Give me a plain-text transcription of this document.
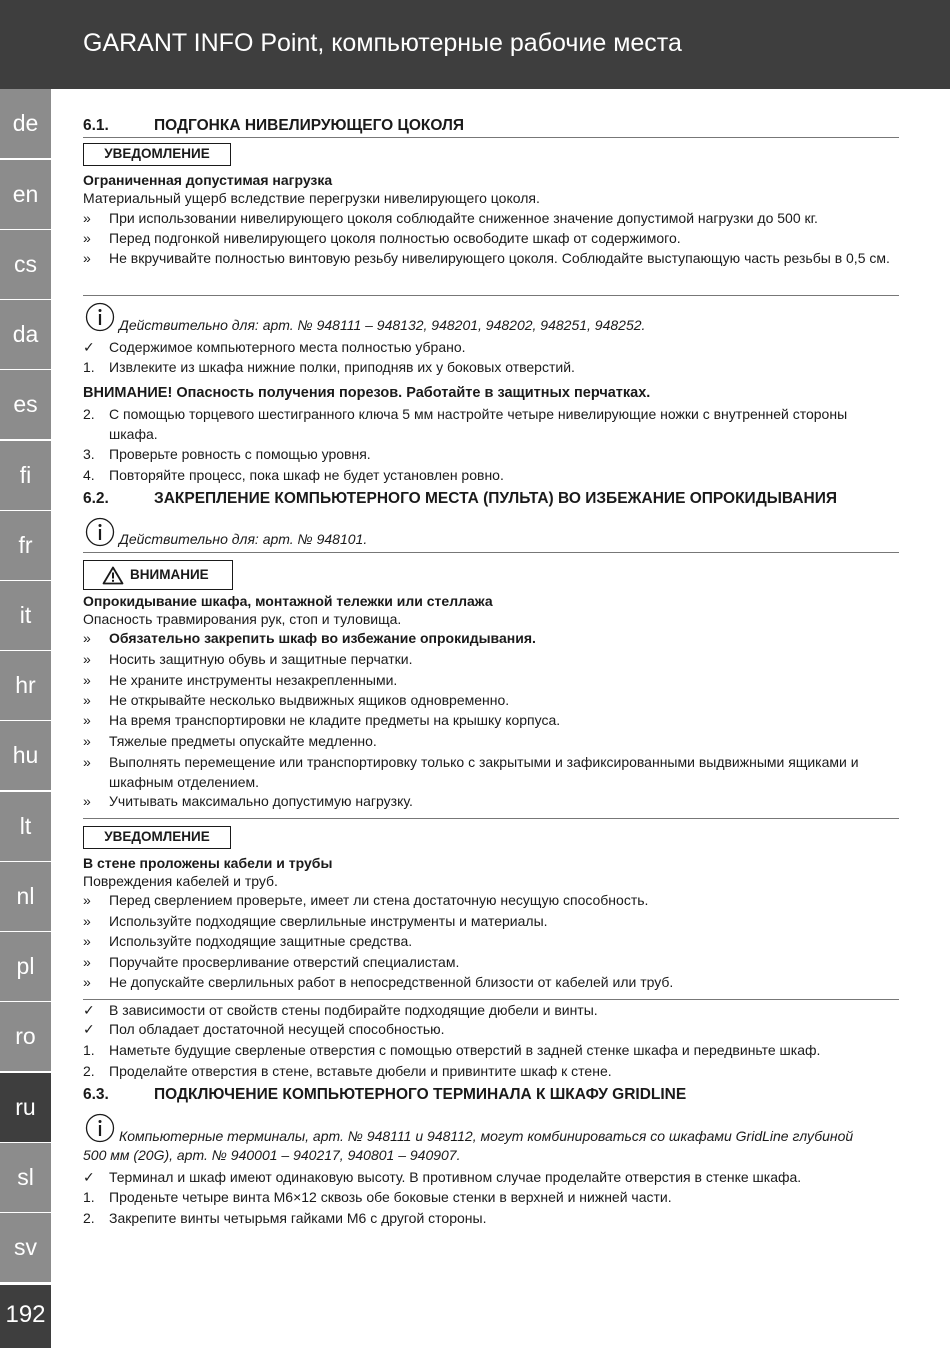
GARANT INFO Point, компьютерные рабочие места
de
en
cs
da
es
fi
fr
it
hr
hu
lt
nl
pl
ro
ru
sl
sv
192
6.1.	ПОДГОНКА НИВЕЛИРУЮЩЕГО ЦОКОЛЯ
УВЕДОМЛЕНИЕ
Ограниченная допустимая нагрузка
Материальный ущерб вследствие перегрузки нивелирующего цоколя.
» При использовании нивелирующего цоколя соблюдайте сниженное значение допустимой нагрузки до 500 кг.
» Перед подгонкой нивелирующего цоколя полностью освободите шкаф от содержимого.
» Не вкручивайте полностью винтовую резьбу нивелирующего цоколя. Соблюдайте выступающую часть резьбы в 0,5 см.
Действительно для: арт. № 948111 – 948132, 948201, 948202, 948251, 948252.
✓ Содержимое компьютерного места полностью убрано.
1. Извлеките из шкафа нижние полки, приподняв их у боковых отверстий.
ВНИМАНИЕ! Опасность получения порезов. Работайте в защитных перчатках.
2. С помощью торцевого шестигранного ключа 5 мм настройте четыре нивелирующие ножки с внутренней стороны шкафа.
3. Проверьте ровность с помощью уровня.
4. Повторяйте процесс, пока шкаф не будет установлен ровно.
6.2.	ЗАКРЕПЛЕНИЕ КОМПЬЮТЕРНОГО МЕСТА (ПУЛЬТА) ВО ИЗБЕЖАНИЕ ОПРОКИДЫВАНИЯ
Действительно для: арт. № 948101.
ВНИМАНИЕ
Опрокидывание шкафа, монтажной тележки или стеллажа
Опасность травмирования рук, стоп и туловища.
» Обязательно закрепить шкаф во избежание опрокидывания.
» Носить защитную обувь и защитные перчатки.
» Не храните инструменты незакрепленными.
» Не открывайте несколько выдвижных ящиков одновременно.
» На время транспортировки не кладите предметы на крышку корпуса.
» Тяжелые предметы опускайте медленно.
» Выполнять перемещение или транспортировку только с закрытыми и зафиксированными выдвижными ящиками и шкафным отделением.
» Учитывать максимально допустимую нагрузку.
УВЕДОМЛЕНИЕ
В стене проложены кабели и трубы
Повреждения кабелей и труб.
» Перед сверлением проверьте, имеет ли стена достаточную несущую способность.
» Используйте подходящие сверлильные инструменты и материалы.
» Используйте подходящие защитные средства.
» Поручайте просверливание отверстий специалистам.
» Не допускайте сверлильных работ в непосредственной близости от кабелей или труб.
✓ В зависимости от свойств стены подбирайте подходящие дюбели и винты.
✓ Пол обладает достаточной несущей способностью.
1. Наметьте будущие сверленые отверстия с помощью отверстий в задней стенке шкафа и передвиньте шкаф.
2. Проделайте отверстия в стене, вставьте дюбели и привинтите шкаф к стене.
6.3.	ПОДКЛЮЧЕНИЕ КОМПЬЮТЕРНОГО ТЕРМИНАЛА К ШКАФУ GRIDLINE
Компьютерные терминалы, арт. № 948111 и 948112, могут комбинироваться со шкафами GridLine глубиной
500 мм (20G), арт. № 940001 – 940217, 940801 – 940907.
✓ Терминал и шкаф имеют одинаковую высоту. В противном случае проделайте отверстия в стенке шкафа.
1. Проденьте четыре винта M6×12 сквозь обе боковые стенки в верхней и нижней части.
2. Закрепите винты четырьмя гайками M6 с другой стороны.
